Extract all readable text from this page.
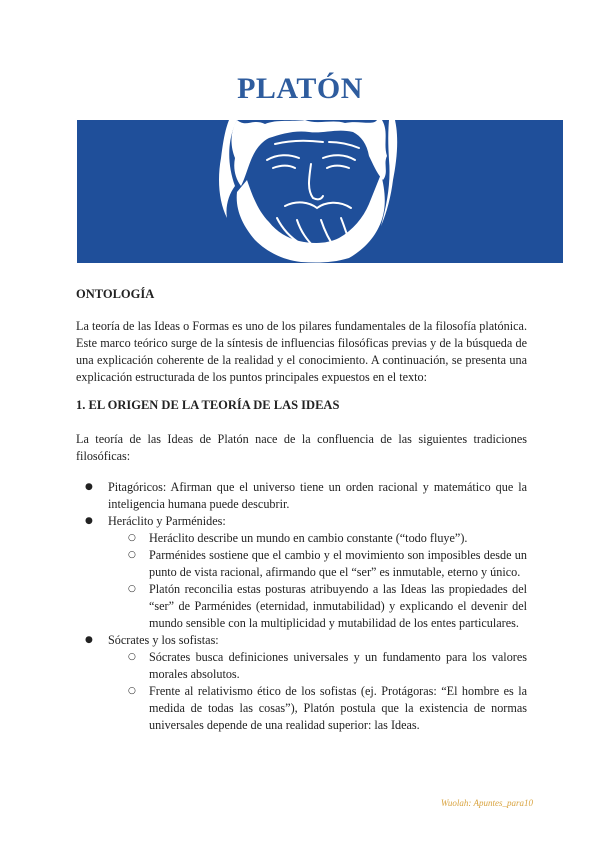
PLATÓN
ONTOLOGÍA

La teoría de las Ideas o Formas es uno de los pilares fundamentales de la filosofía platónica. Este marco teórico surge de la síntesis de influencias filosóficas previas y de la búsqueda de una explicación coherente de la realidad y el conocimiento. A continuación, se presenta una explicación estructurada de los puntos principales expuestos en el texto:

1. EL ORIGEN DE LA TEORÍA DE LAS IDEAS

La teoría de las Ideas de Platón nace de la confluencia de las siguientes tradiciones filosóficas:

● Pitagóricos: Afirman que el universo tiene un orden racional y matemático que la inteligencia humana puede descubrir.
● Heráclito y Parménides:
○ Heráclito describe un mundo en cambio constante (“todo fluye”).
○ Parménides sostiene que el cambio y el movimiento son imposibles desde un punto de vista racional, afirmando que el “ser” es inmutable, eterno y único.
○ Platón reconcilia estas posturas atribuyendo a las Ideas las propiedades del “ser” de Parménides (eternidad, inmutabilidad) y explicando el devenir del mundo sensible con la multiplicidad y mutabilidad de los entes particulares.
● Sócrates y los sofistas:
○ Sócrates busca definiciones universales y un fundamento para los valores morales absolutos.
○ Frente al relativismo ético de los sofistas (ej. Protágoras: “El hombre es la medida de todas las cosas”), Platón postula que la existencia de normas universales depende de una realidad superior: las Ideas.
Wuolah: Apuntes_para10
